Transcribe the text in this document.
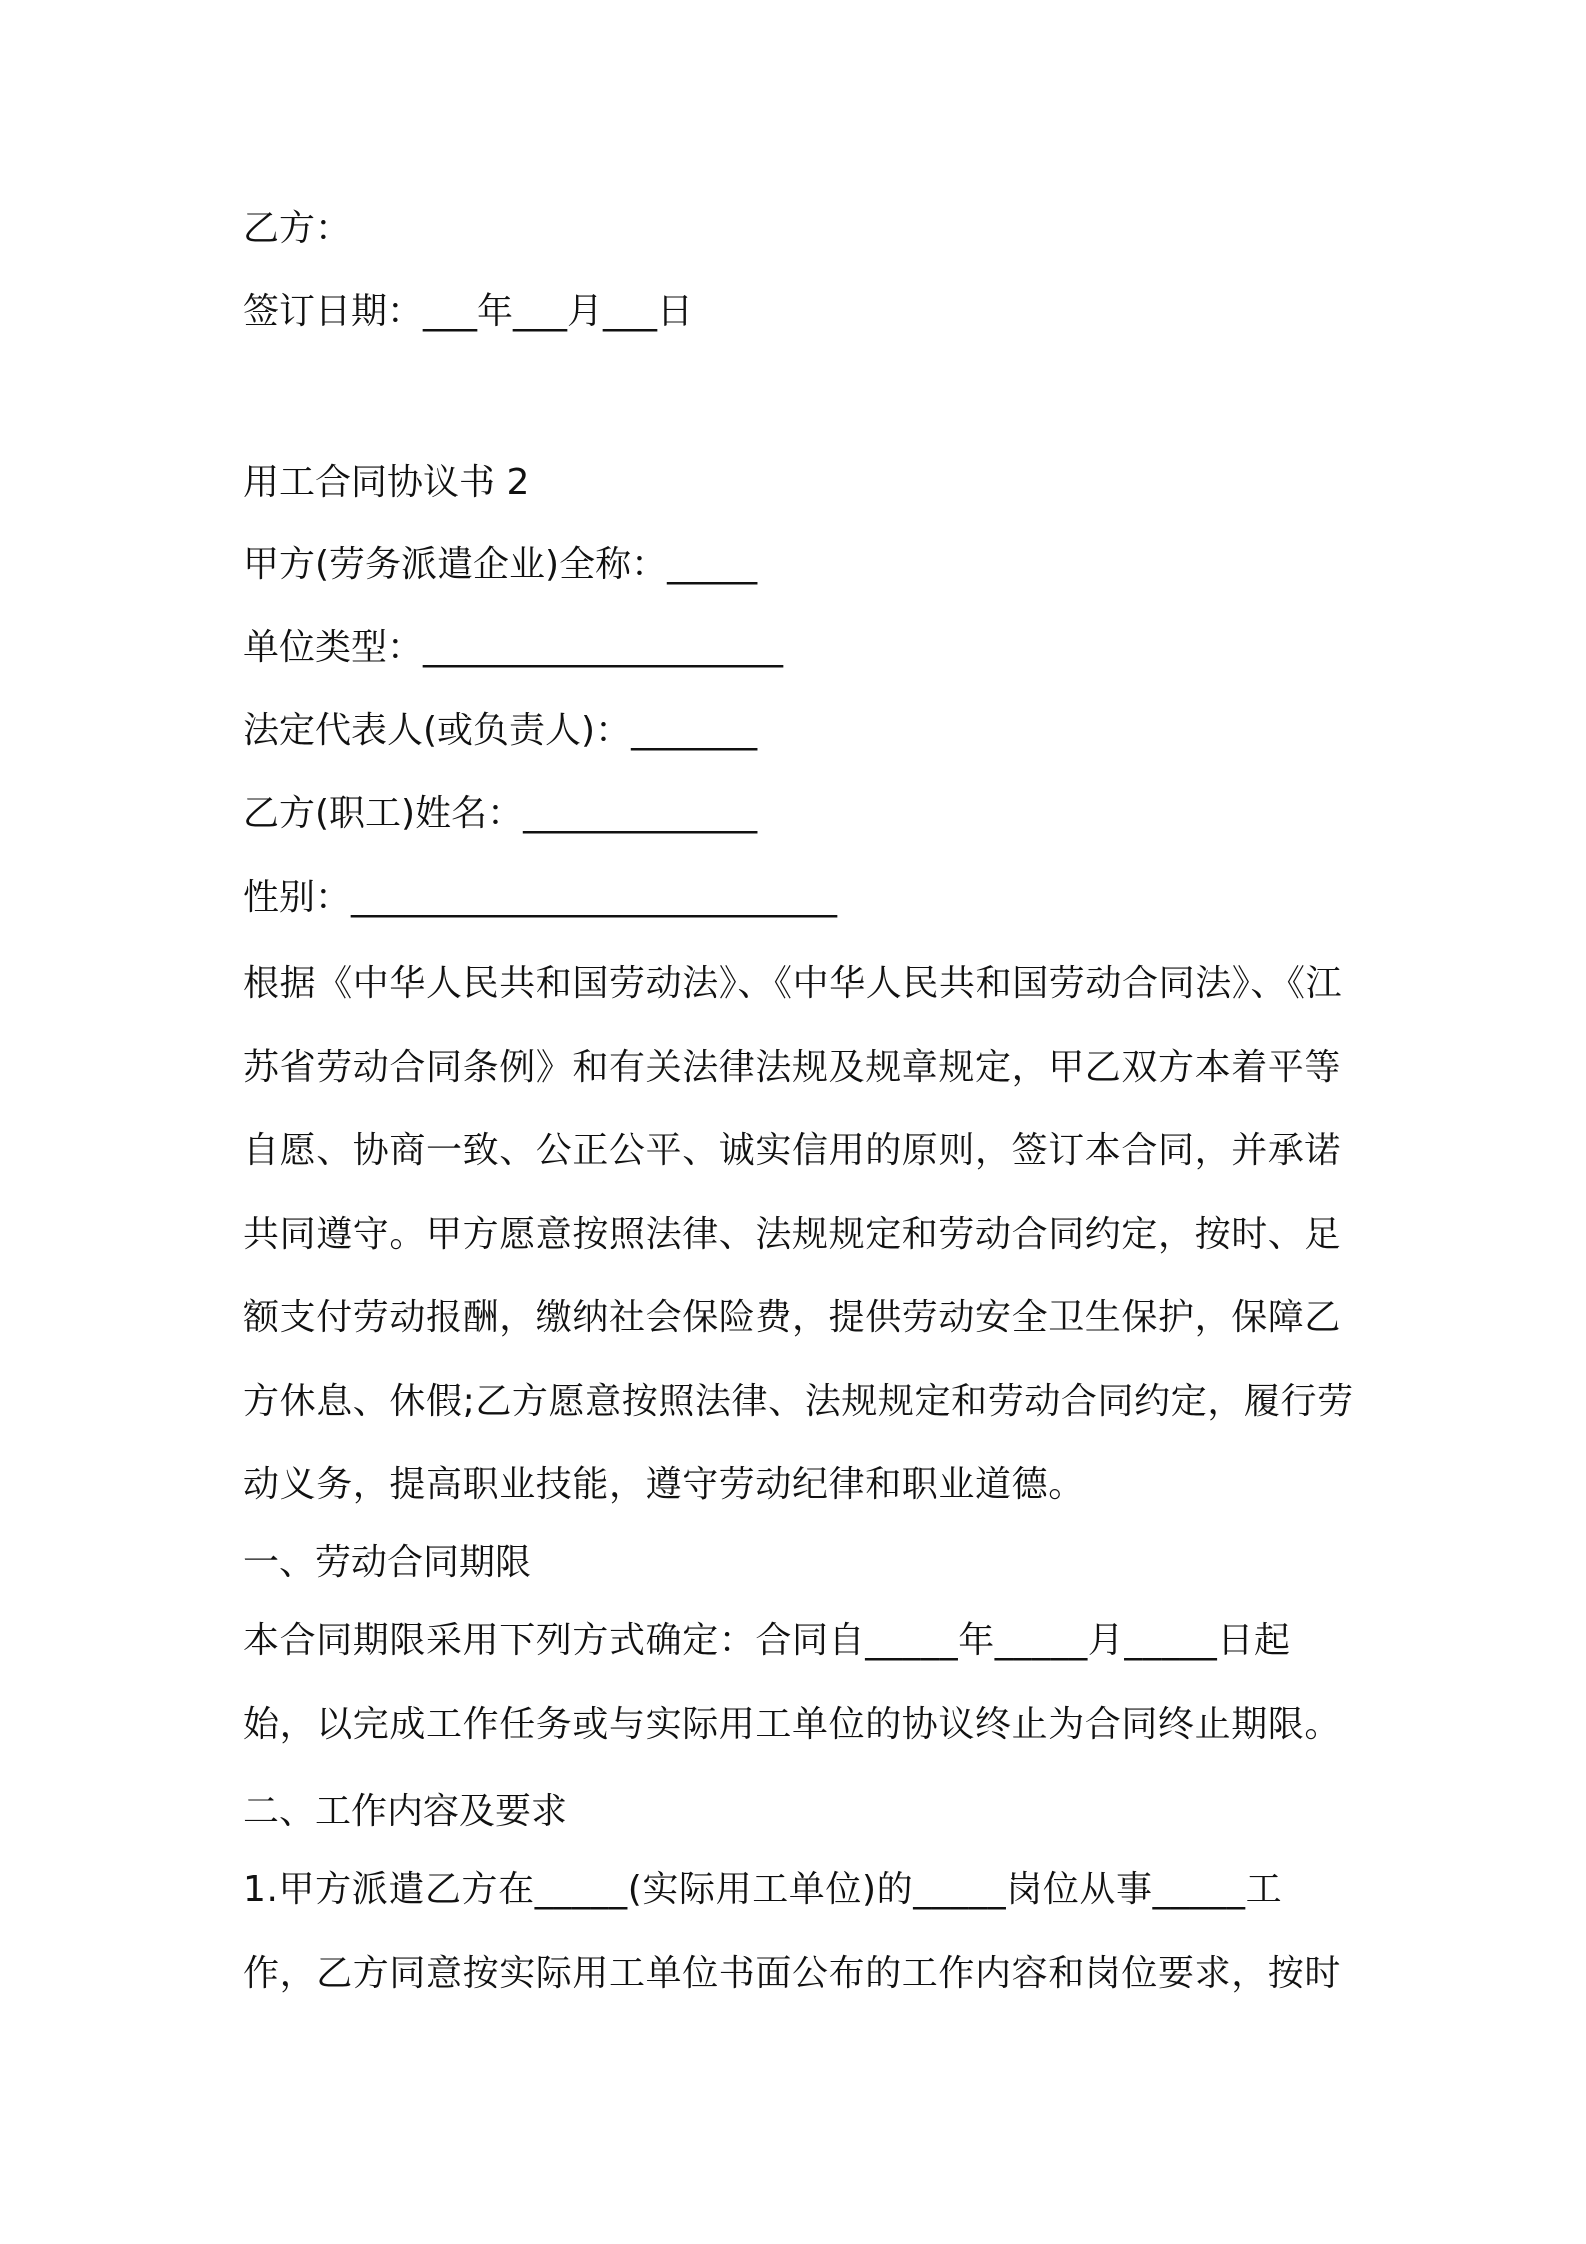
乙方：
签订日期：___年___月___日
用工合同协议书 2
甲方(劳务派遣企业)全称：_____
单位类型：____________________
法定代表人(或负责人)：_______
乙方(职工)姓名：_____________
性别：___________________________
根据《中华人民共和国劳动法》、《中华人民共和国劳动合同法》、《江苏省劳动合同条例》和有关法律法规及规章规定，甲乙双方本着平等自愿、协商一致、公正公平、诚实信用的原则，签订本合同，并承诺共同遵守。甲方愿意按照法律、法规规定和劳动合同约定，按时、足额支付劳动报酬，缴纳社会保险费，提供劳动安全卫生保护，保障乙方休息、休假;乙方愿意按照法律、法规规定和劳动合同约定，履行劳动义务，提高职业技能，遵守劳动纪律和职业道德。
一、劳动合同期限
本合同期限采用下列方式确定：合同自_____年_____月_____日起始，以完成工作任务或与实际用工单位的协议终止为合同终止期限。
二、工作内容及要求
1.甲方派遣乙方在_____(实际用工单位)的_____岗位从事_____工作，乙方同意按实际用工单位书面公布的工作内容和岗位要求，按时
